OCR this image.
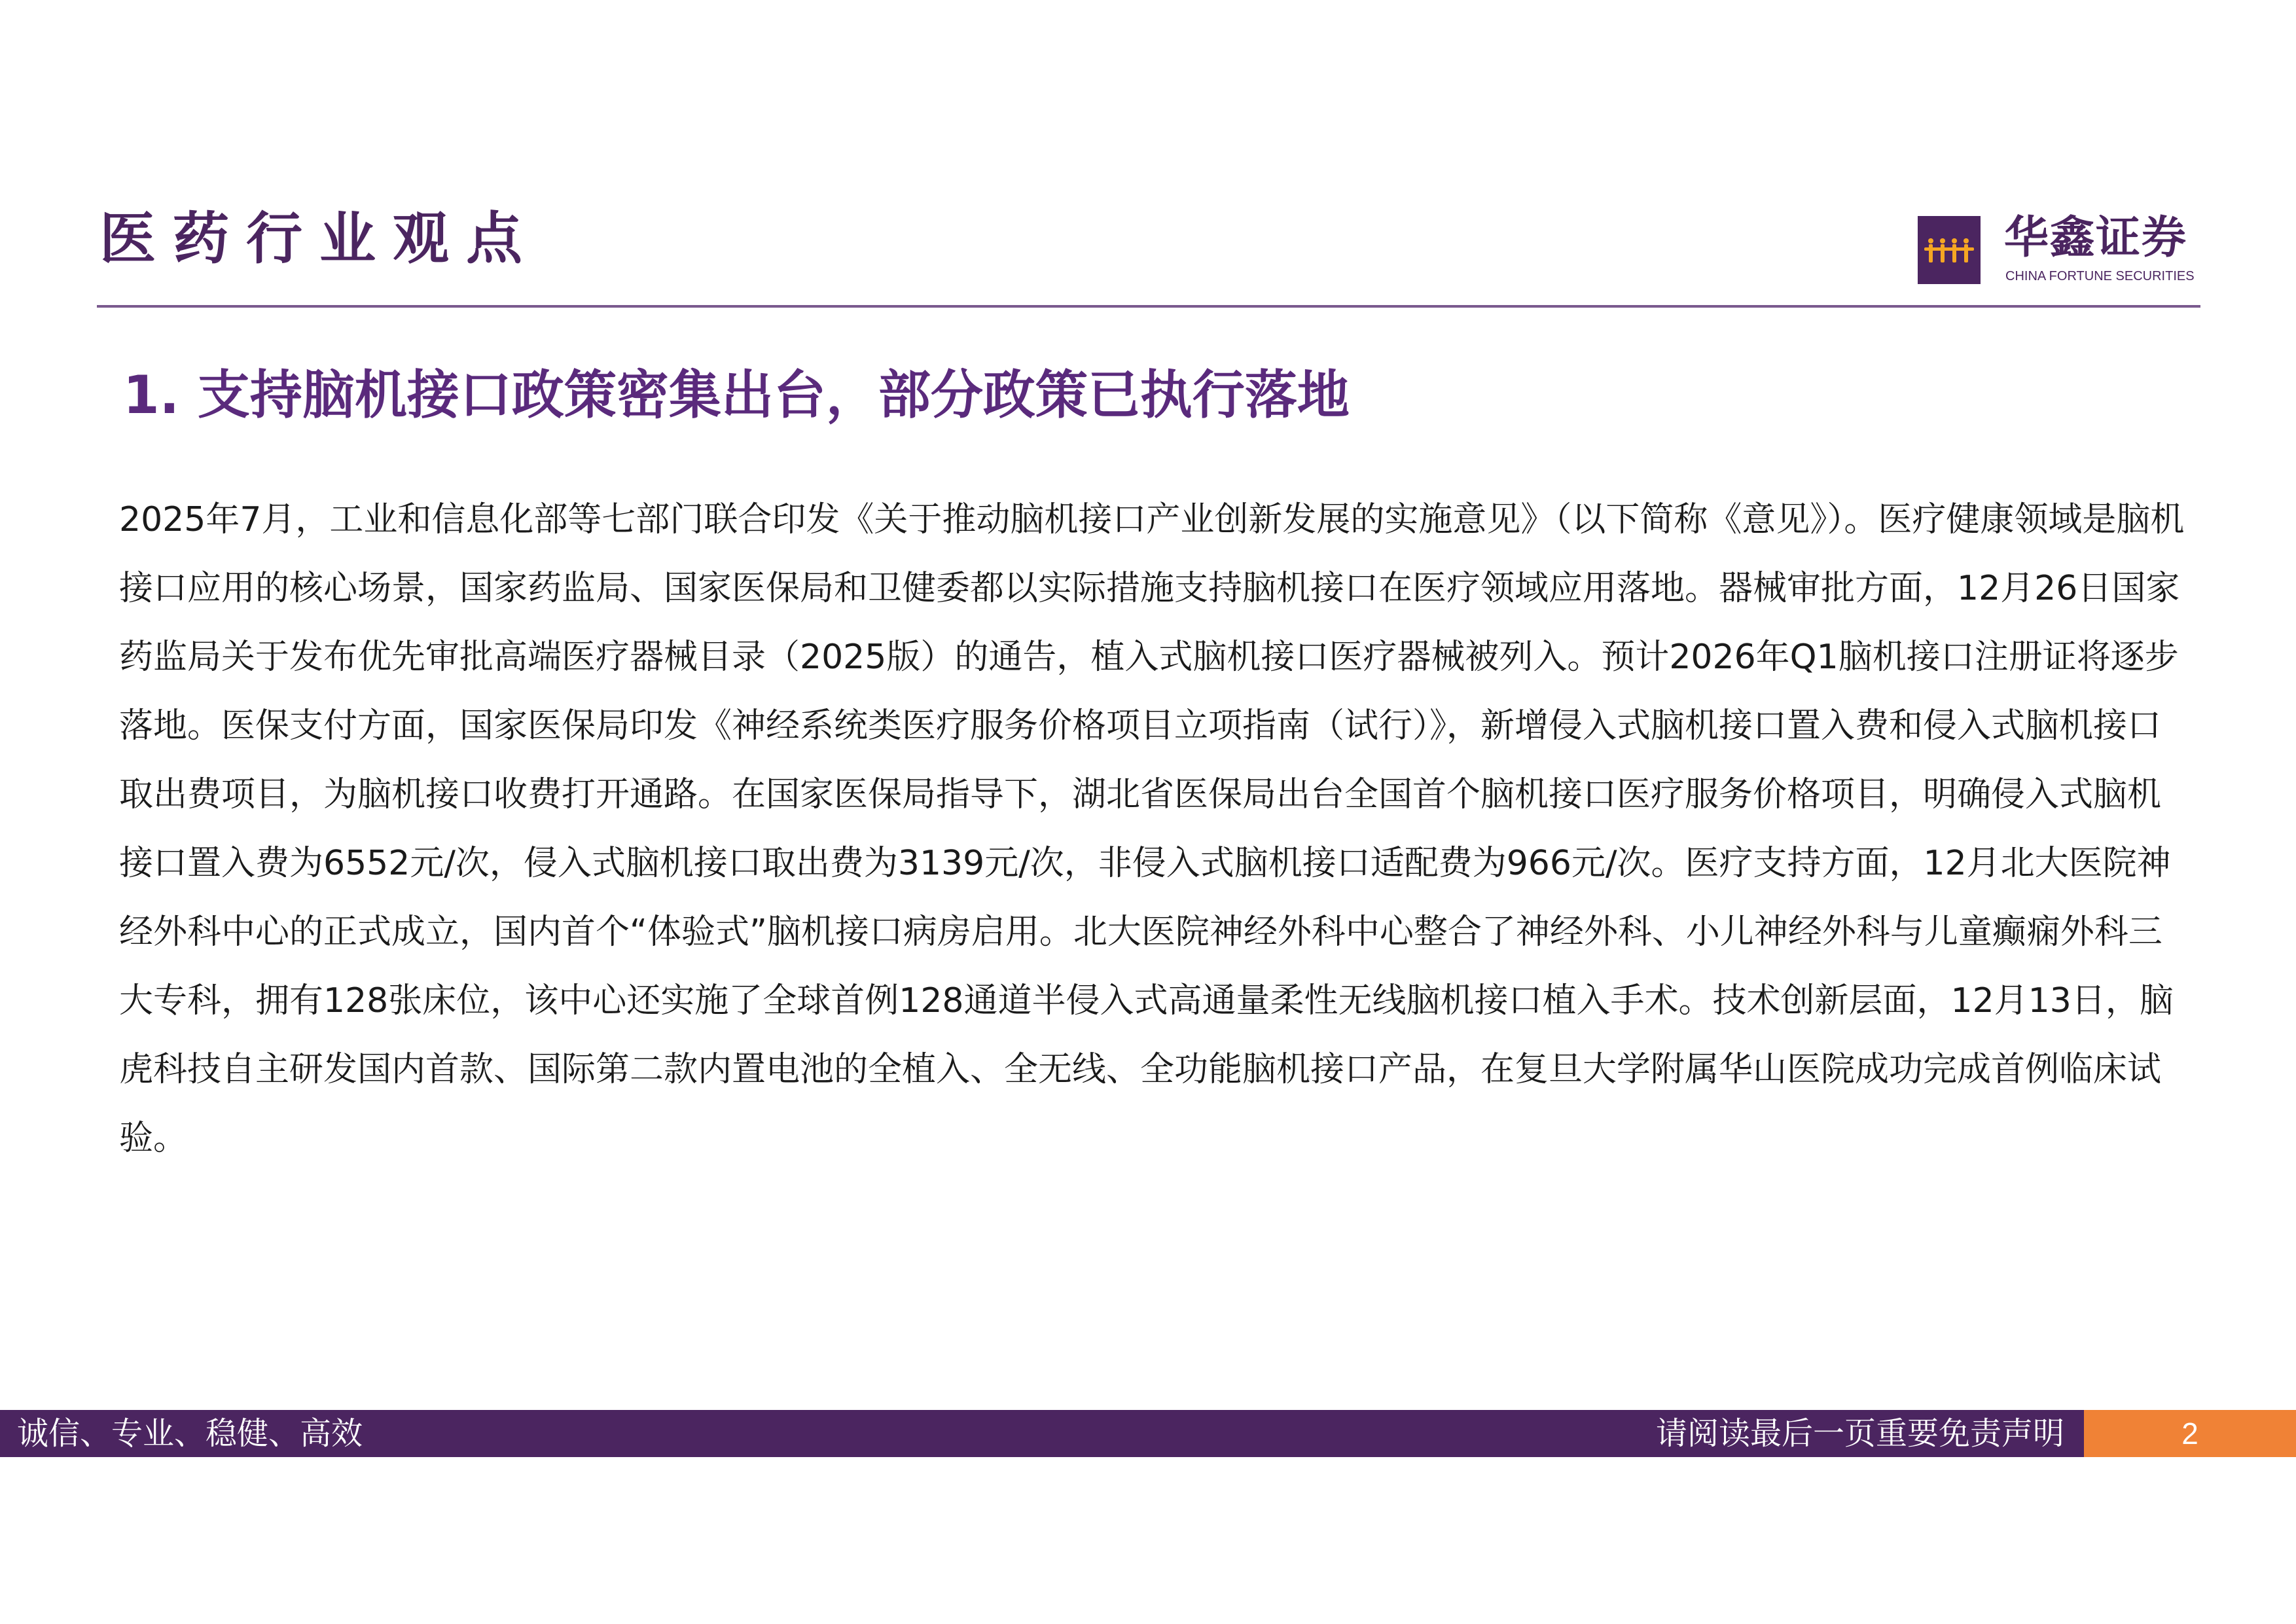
医药行业观点	华鑫证券
CHINA FORTUNE SECURITIES
1. 支持脑机接口政策密集出台，部分政策已执行落地

2025年7月，工业和信息化部等七部门联合印发《关于推动脑机接口产业创新发展的实施意见》（以下简称《意见》）。医疗健康领域是脑机接口应用的核心场景，国家药监局、国家医保局和卫健委都以实际措施支持脑机接口在医疗领域应用落地。器械审批方面，12月26日国家药监局关于发布优先审批高端医疗器械目录（2025版）的通告，植入式脑机接口医疗器械被列入。预计2026年Q1脑机接口注册证将逐步落地。医保支付方面，国家医保局印发《神经系统类医疗服务价格项目立项指南（试行）》，新增侵入式脑机接口置入费和侵入式脑机接口取出费项目，为脑机接口收费打开通路。在国家医保局指导下，湖北省医保局出台全国首个脑机接口医疗服务价格项目，明确侵入式脑机接口置入费为6552元/次，侵入式脑机接口取出费为3139元/次，非侵入式脑机接口适配费为966元/次。医疗支持方面，12月北大医院神经外科中心的正式成立，国内首个“体验式”脑机接口病房启用。北大医院神经外科中心整合了神经外科、小儿神经外科与儿童癫痫外科三大专科，拥有128张床位，该中心还实施了全球首例128通道半侵入式高通量柔性无线脑机接口植入手术。技术创新层面，12月13日，脑虎科技自主研发国内首款、国际第二款内置电池的全植入、全无线、全功能脑机接口产品，在复旦大学附属华山医院成功完成首例临床试验。

诚信、专业、稳健、高效	请阅读最后一页重要免责声明	2
